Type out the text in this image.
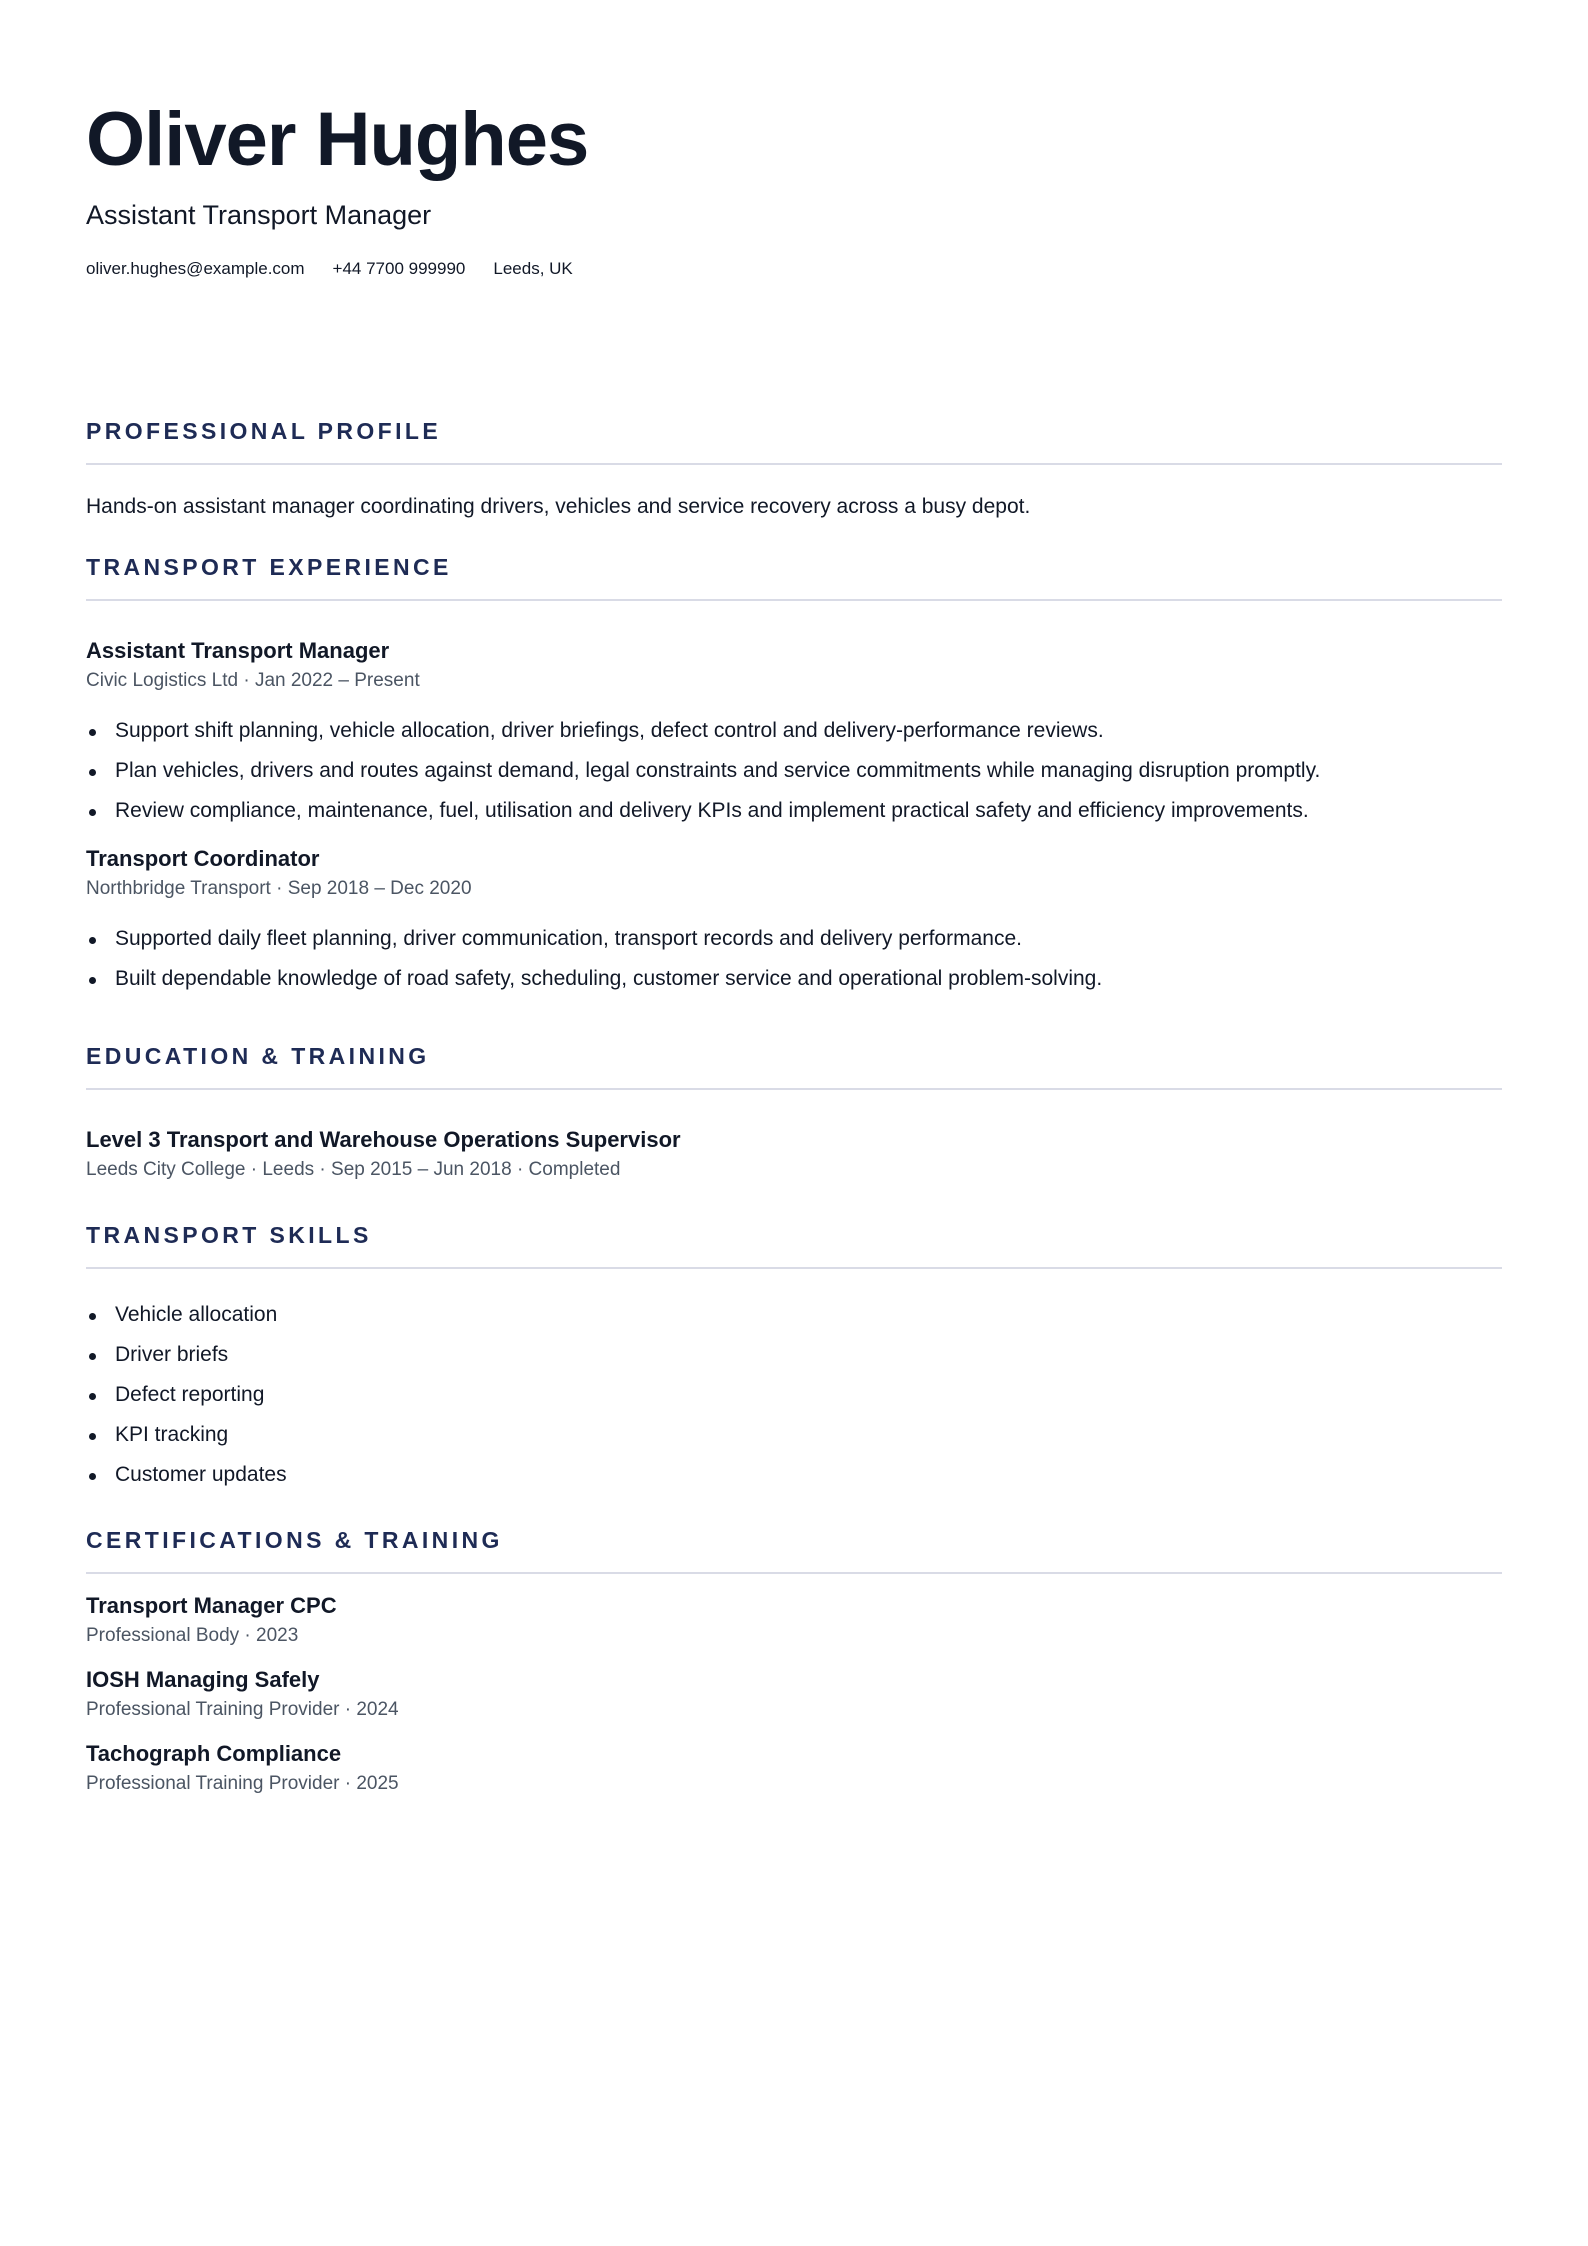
Oliver Hughes
Assistant Transport Manager
oliver.hughes@example.com +44 7700 999990 Leeds, UK
PROFESSIONAL PROFILE
Hands-on assistant manager coordinating drivers, vehicles and service recovery across a busy depot.
TRANSPORT EXPERIENCE
Assistant Transport Manager
Civic Logistics Ltd · Jan 2022 – Present
Support shift planning, vehicle allocation, driver briefings, defect control and delivery-performance reviews.
Plan vehicles, drivers and routes against demand, legal constraints and service commitments while managing disruption promptly.
Review compliance, maintenance, fuel, utilisation and delivery KPIs and implement practical safety and efficiency improvements.
Transport Coordinator
Northbridge Transport · Sep 2018 – Dec 2020
Supported daily fleet planning, driver communication, transport records and delivery performance.
Built dependable knowledge of road safety, scheduling, customer service and operational problem-solving.
EDUCATION & TRAINING
Level 3 Transport and Warehouse Operations Supervisor
Leeds City College · Leeds · Sep 2015 – Jun 2018 · Completed
TRANSPORT SKILLS
Vehicle allocation
Driver briefs
Defect reporting
KPI tracking
Customer updates
CERTIFICATIONS & TRAINING
Transport Manager CPC
Professional Body · 2023
IOSH Managing Safely
Professional Training Provider · 2024
Tachograph Compliance
Professional Training Provider · 2025
